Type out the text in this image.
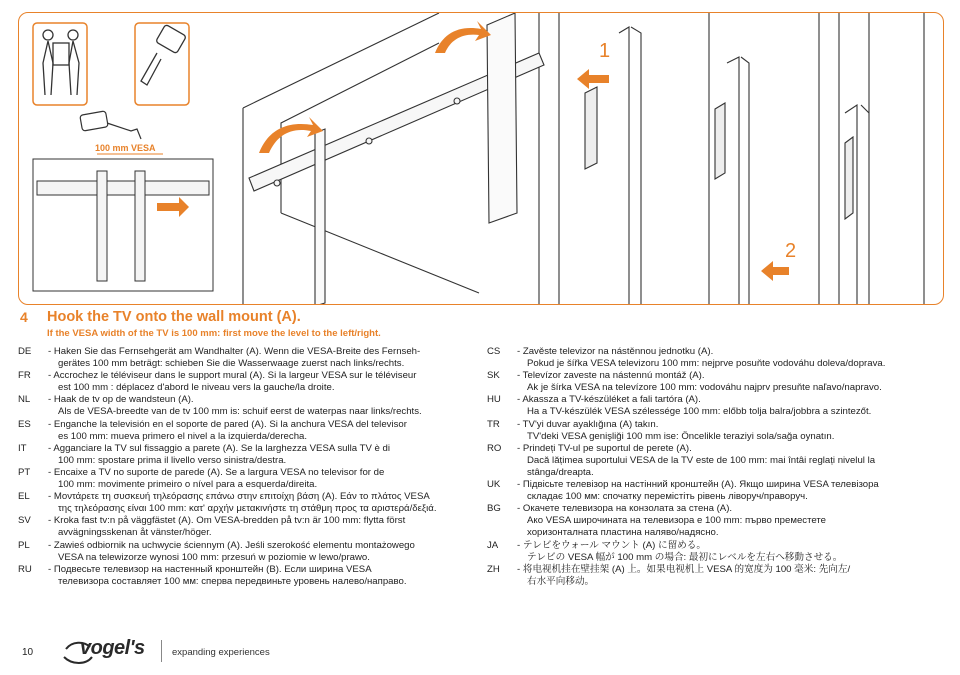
100 mm VESA
1
2
4 Hook the TV onto the wall mount (A).
If the VESA width of the TV is 100 mm: first move the level to the left/right.
DE	- Haken Sie das Fernsehgerät am Wandhalter (A). Wenn die VESA-Breite des Fernseh-
gerätes 100 mm beträgt: schieben Sie die Wasserwaage zuerst nach links/rechts.
FR	- Accrochez le téléviseur dans le support mural (A). Si la largeur VESA sur le téléviseur
est 100 mm : déplacez d'abord le niveau vers la gauche/la droite.
NL	- Haak de tv op de wandsteun (A).
Als de VESA-breedte van de tv 100 mm is: schuif eerst de waterpas naar links/rechts.
ES	- Enganche la televisión en el soporte de pared (A). Si la anchura VESA del televisor
es 100 mm: mueva primero el nivel a la izquierda/derecha.
IT	- Agganciare la TV sul fissaggio a parete (A). Se la larghezza VESA sulla TV è di
100 mm: spostare prima il livello verso sinistra/destra.
PT	- Encaixe a TV no suporte de parede (A). Se a largura VESA no televisor for de
100 mm: movimente primeiro o nível para a esquerda/direita.
EL	- Μοντάρετε τη συσκευή τηλεόρασης επάνω στην επιτοίχη βάση (A). Εάν το πλάτος VESA
της τηλεόρασης είναι 100 mm: κατ' αρχήν μετακινήστε τη στάθμη προς τα αριστερά/δεξιά.
SV	- Kroka fast tv:n på väggfästet (A). Om VESA-bredden på tv:n är 100 mm: flytta först
avvägningsskenan åt vänster/höger.
PL	- Zawieś odbiornik na uchwycie ściennym (A). Jeśli szerokość elementu montażowego
VESA na telewizorze wynosi 100 mm: przesuń w poziomie w lewo/prawo.
RU	- Подвесьте телевизор на настенный кронштейн (B). Если ширина VESA
телевизора составляет 100 мм: сперва передвиньте уровень налево/направо.
CS	- Zavěste televizor na nástěnnou jednotku (A).
Pokud je šířka VESA televizoru 100 mm: nejprve posuňte vodováhu doleva/doprava.
SK	- Televízor zaveste na nástennú montáž (A).
Ak je šírka VESA na televízore 100 mm: vodováhu najprv presuňte naľavo/napravo.
HU	- Akassza a TV-készüléket a fali tartóra (A).
Ha a TV-készülék VESA szélessége 100 mm: előbb tolja balra/jobbra a szintezőt.
TR	- TV'yi duvar ayaklığına (A) takın.
TV'deki VESA genişliği 100 mm ise: Öncelikle teraziyi sola/sağa oynatın.
RO	- Prindeți TV-ul pe suportul de perete (A).
Dacă lățimea suportului VESA de la TV este de 100 mm: mai întâi reglați nivelul la
stânga/dreapta.
UK	- Підвісьте телевізор на настінний кронштейн (A). Якщо ширина VESA телевізора
складає 100 мм: спочатку перемістіть рівень ліворуч/праворуч.
BG	- Окачете телевизора на конзолата за стена (A).
Ако VESA широчината на телевизора е 100 mm: първо преместете
хоризонталната пластина наляво/надясно.
JA	- テレビをウォール マウント (A) に留める。
テレビの VESA 幅が 100 mm の場合: 最初にレベルを左右へ移動させる。
ZH	- 将电视机挂在壁挂架 (A) 上。如果电视机上 VESA 的宽度为 100 毫米: 先向左/
右水平向移动。
10 vogel's	expanding experiences
